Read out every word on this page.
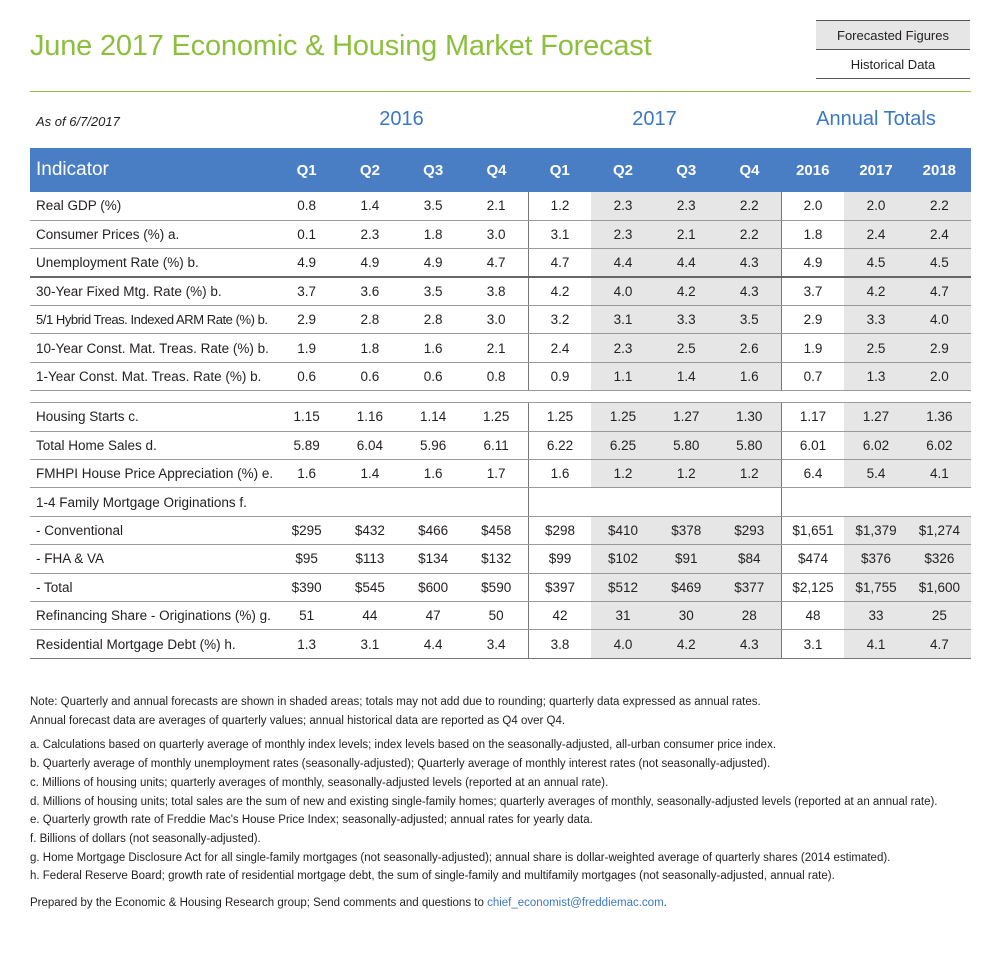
June 2017 Economic & Housing Market Forecast	Forecasted Figures
Historical Data
As of 6/7/2017	2016	2017	Annual Totals
Indicator	Q1	Q2	Q3	Q4	Q1	Q2	Q3	Q4	2016	2017	2018
Real GDP (%)	0.8	1.4	3.5	2.1	1.2	2.3	2.3	2.2	2.0	2.0	2.2
Consumer Prices (%) a.	0.1	2.3	1.8	3.0	3.1	2.3	2.1	2.2	1.8	2.4	2.4
Unemployment Rate (%) b.	4.9	4.9	4.9	4.7	4.7	4.4	4.4	4.3	4.9	4.5	4.5
30-Year Fixed Mtg. Rate (%) b.	3.7	3.6	3.5	3.8	4.2	4.0	4.2	4.3	3.7	4.2	4.7
5/1 Hybrid Treas. Indexed ARM Rate (%) b.	2.9	2.8	2.8	3.0	3.2	3.1	3.3	3.5	2.9	3.3	4.0
10-Year Const. Mat. Treas. Rate (%) b.	1.9	1.8	1.6	2.1	2.4	2.3	2.5	2.6	1.9	2.5	2.9
1-Year Const. Mat. Treas. Rate (%) b.	0.6	0.6	0.6	0.8	0.9	1.1	1.4	1.6	0.7	1.3	2.0

Housing Starts c.	1.15	1.16	1.14	1.25	1.25	1.25	1.27	1.30	1.17	1.27	1.36
Total Home Sales d.	5.89	6.04	5.96	6.11	6.22	6.25	5.80	5.80	6.01	6.02	6.02
FMHPI House Price Appreciation (%) e.	1.6	1.4	1.6	1.7	1.6	1.2	1.2	1.2	6.4	5.4	4.1
1-4 Family Mortgage Originations f.											
- Conventional	$295	$432	$466	$458	$298	$410	$378	$293	$1,651	$1,379	$1,274
- FHA & VA	$95	$113	$134	$132	$99	$102	$91	$84	$474	$376	$326
- Total	$390	$545	$600	$590	$397	$512	$469	$377	$2,125	$1,755	$1,600
Refinancing Share - Originations (%) g.	51	44	47	50	42	31	30	28	48	33	25
Residential Mortgage Debt (%) h.	1.3	3.1	4.4	3.4	3.8	4.0	4.2	4.3	3.1	4.1	4.7
Note: Quarterly and annual forecasts are shown in shaded areas; totals may not add due to rounding; quarterly data expressed as annual rates.
Annual forecast data are averages of quarterly values; annual historical data are reported as Q4 over Q4.
a. Calculations based on quarterly average of monthly index levels; index levels based on the seasonally-adjusted, all-urban consumer price index.
b. Quarterly average of monthly unemployment rates (seasonally-adjusted); Quarterly average of monthly interest rates (not seasonally-adjusted).
c. Millions of housing units; quarterly averages of monthly, seasonally-adjusted levels (reported at an annual rate).
d. Millions of housing units; total sales are the sum of new and existing single-family homes; quarterly averages of monthly, seasonally-adjusted levels (reported at an annual rate).
e. Quarterly growth rate of Freddie Mac's House Price Index; seasonally-adjusted; annual rates for yearly data.
f. Billions of dollars (not seasonally-adjusted).
g. Home Mortgage Disclosure Act for all single-family mortgages (not seasonally-adjusted); annual share is dollar-weighted average of quarterly shares (2014 estimated).
h. Federal Reserve Board; growth rate of residential mortgage debt, the sum of single-family and multifamily mortgages (not seasonally-adjusted, annual rate).
Prepared by the Economic & Housing Research group; Send comments and questions to chief_economist@freddiemac.com.
